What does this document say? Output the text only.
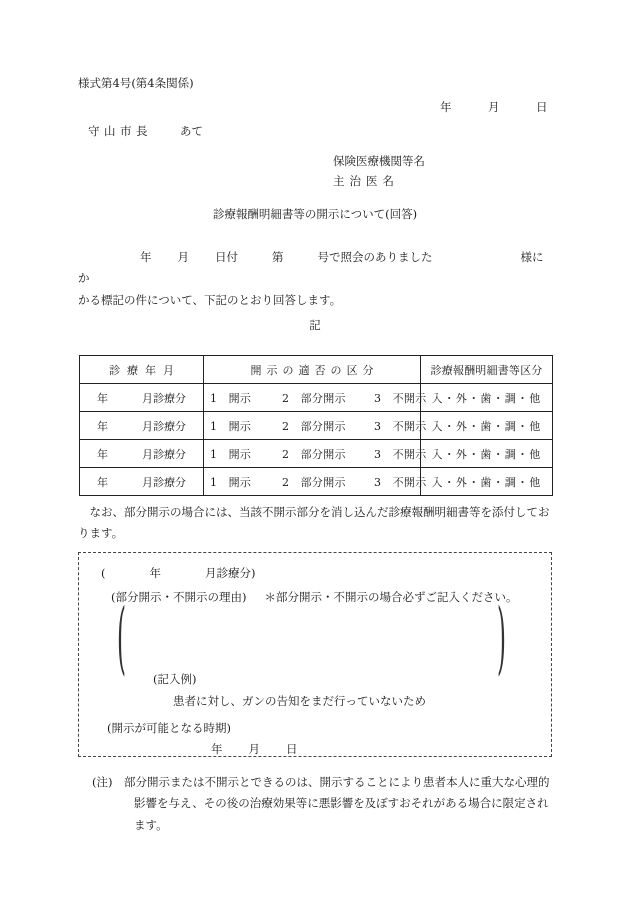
様式第4号(第4条関係)
年　　　月　　　日
守山市長 あて
保険医療機関等名
主治医名
診療報酬明細書等の開示について(回答)
年 月 日付	第	号で照会のありました	様にか
かる標記の件について、下記のとおり回答します。
記
診療年月	開示の適否の区分	診療報酬明細書等区分
年 月診療分	1　開示 2　部分開示 3　不開示	入・外・歯・調・他
年 月診療分	1　開示 2　部分開示 3　不開示	入・外・歯・調・他
年 月診療分	1　開示 2　部分開示 3　不開示	入・外・歯・調・他
年 月診療分	1　開示 2　部分開示 3　不開示	入・外・歯・調・他
　なお、部分開示の場合には、当該不開示部分を消し込んだ診療報酬明細書等を添付しております。
(	年	月診療分)
(部分開示・不開示の理由) ＊部分開示・不開示の場合必ずご記入ください。
(	)
(記入例)
患者に対し、ガンの告知をまだ行っていないため
(開示が可能となる時期)
年 月 日
(注)　部分開示または不開示とできるのは、開示することにより患者本人に重大な心理的影響を与え、その後の治療効果等に悪影響を及ぼすおそれがある場合に限定されます。
